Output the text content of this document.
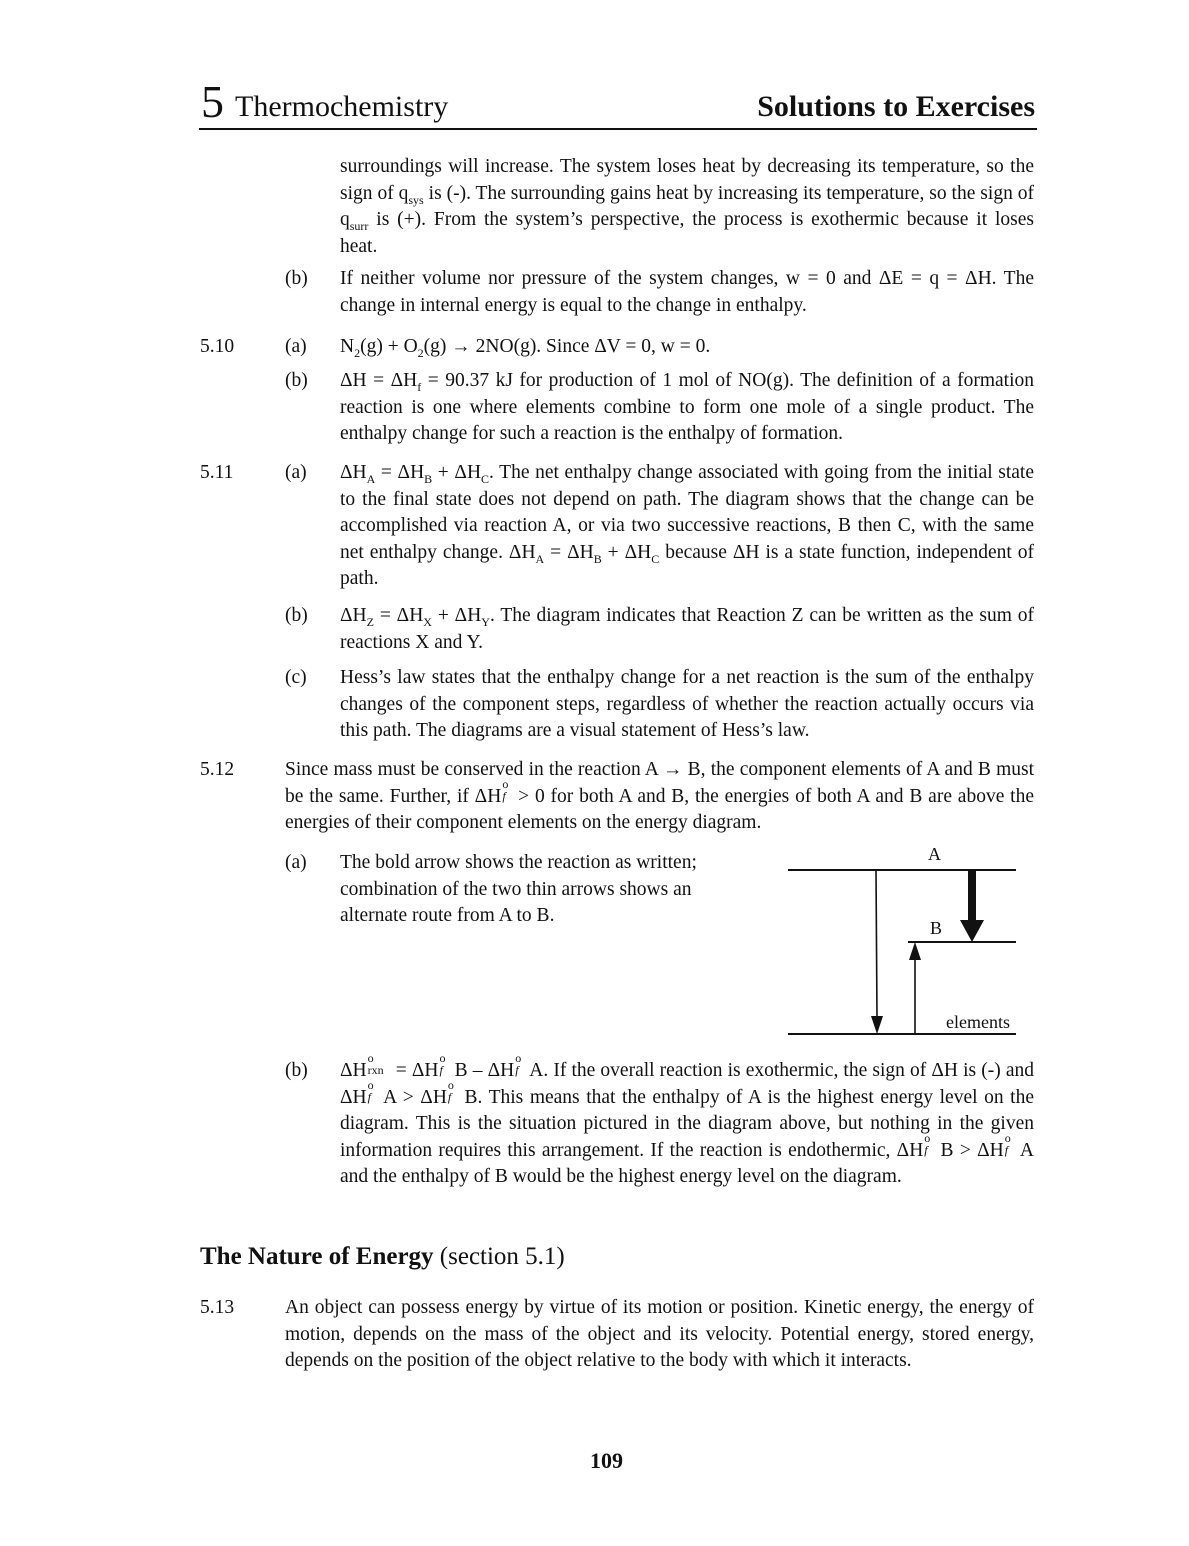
5 Thermochemistry	Solutions to Exercises
surroundings will increase. The system loses heat by decreasing its temperature, so the sign of $q_{sys}$ is (-). The surrounding gains heat by increasing its temperature, so the sign of $q_{surr}$ is (+). From the system’s perspective, the process is exothermic because it loses heat.
(b) If neither volume nor pressure of the system changes, w = 0 and ΔE = q = ΔH. The change in internal energy is equal to the change in enthalpy.
5.10	(a) $N_2(g) + O_2(g) \to 2NO(g)$. Since ΔV = 0, w = 0.
(b) $\Delta H = \Delta H_f = 90.37$ kJ for production of 1 mol of NO(g). The definition of a formation reaction is one where elements combine to form one mole of a single product. The enthalpy change for such a reaction is the enthalpy of formation.
5.11	(a) $\Delta H_A = \Delta H_B + \Delta H_C$. The net enthalpy change associated with going from the initial state to the final state does not depend on path. The diagram shows that the change can be accomplished via reaction A, or via two successive reactions, B then C, with the same net enthalpy change. $\Delta H_A = \Delta H_B + \Delta H_C$ because ΔH is a state function, independent of path.
(b) $\Delta H_Z = \Delta H_X + \Delta H_Y$. The diagram indicates that Reaction Z can be written as the sum of reactions X and Y.
(c) Hess’s law states that the enthalpy change for a net reaction is the sum of the enthalpy changes of the component steps, regardless of whether the reaction actually occurs via this path. The diagrams are a visual statement of Hess’s law.
5.12	Since mass must be conserved in the reaction A → B, the component elements of A and B must be the same. Further, if ΔH
o
f > 0 for both A and B, the energies of both A and B are above the energies of their component elements on the energy diagram.
(a) The bold arrow shows the reaction as written; combination of the two thin arrows shows an alternate route from A to B.
A
B
elements
(b) ΔH
o
rxn = ΔH
o
f B – ΔH
o
f A. If the overall reaction is exothermic, the sign of ΔH is (-) and ΔH
o
f A > ΔH
o
f B. This means that the enthalpy of A is the highest energy level on the diagram. This is the situation pictured in the diagram above, but nothing in the given information requires this arrangement. If the reaction is endothermic, ΔH
o
f B > ΔH
o
f A and the enthalpy of B would be the highest energy level on the diagram.
The Nature of Energy (section 5.1)
5.13	An object can possess energy by virtue of its motion or position. Kinetic energy, the energy of motion, depends on the mass of the object and its velocity. Potential energy, stored energy, depends on the position of the object relative to the body with which it interacts.
109
